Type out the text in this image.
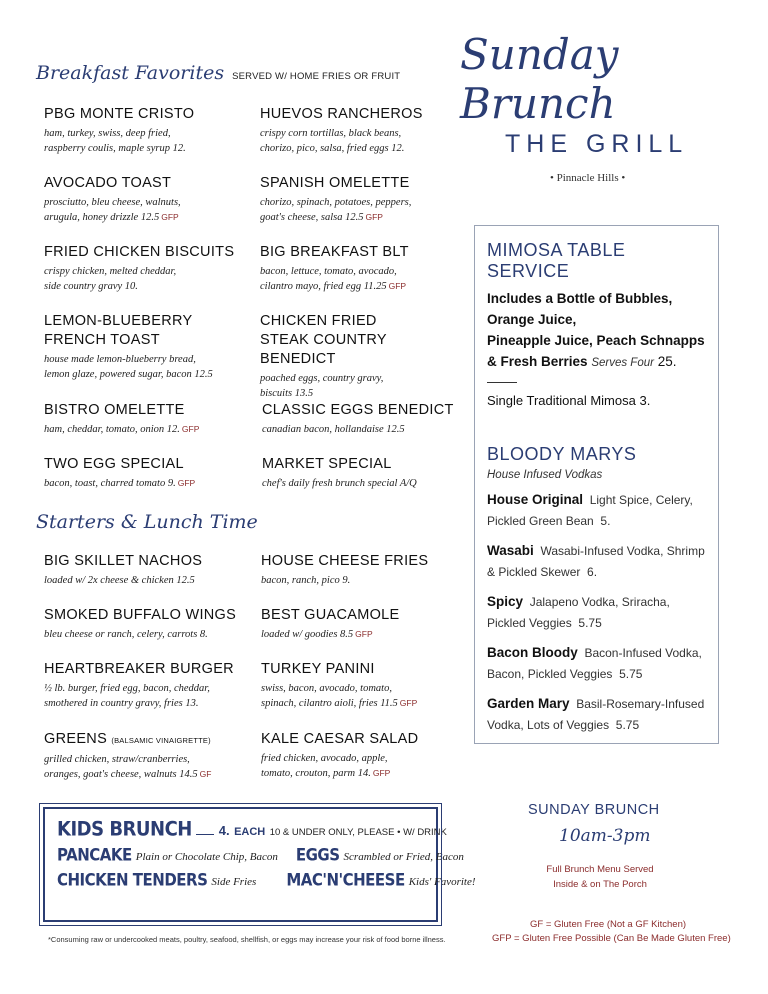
Sunday Brunch
THE GRILL
• Pinnacle Hills •
Breakfast Favorites SERVED W/ HOME FRIES OR FRUIT
PBG MONTE CRISTO
ham, turkey, swiss, deep fried,
raspberry coulis, maple syrup 12.
HUEVOS RANCHEROS
crispy corn tortillas, black beans,
chorizo, pico, salsa, fried eggs 12.
AVOCADO TOAST
prosciutto, bleu cheese, walnuts,
arugula, honey drizzle 12.5 GFP
SPANISH OMELETTE
chorizo, spinach, potatoes, peppers,
goat's cheese, salsa 12.5 GFP
FRIED CHICKEN BISCUITS
crispy chicken, melted cheddar,
side country gravy 10.
BIG BREAKFAST BLT
bacon, lettuce, tomato, avocado,
cilantro mayo, fried egg 11.25 GFP
LEMON-BLUEBERRY FRENCH TOAST
house made lemon-blueberry bread,
lemon glaze, powered sugar, bacon 12.5
CHICKEN FRIED STEAK COUNTRY BENEDICT
poached eggs, country gravy,
biscuits 13.5
BISTRO OMELETTE
ham, cheddar, tomato, onion 12. GFP
CLASSIC EGGS BENEDICT
canadian bacon, hollandaise 12.5
TWO EGG SPECIAL
bacon, toast, charred tomato 9. GFP
MARKET SPECIAL
chef's daily fresh brunch special A/Q
Starters & Lunch Time
BIG SKILLET NACHOS
loaded w/ 2x cheese & chicken 12.5
HOUSE CHEESE FRIES
bacon, ranch, pico 9.
SMOKED BUFFALO WINGS
bleu cheese or ranch, celery, carrots 8.
BEST GUACAMOLE
loaded w/ goodies 8.5 GFP
HEARTBREAKER BURGER
½ lb. burger, fried egg, bacon, cheddar,
smothered in country gravy, fries 13.
TURKEY PANINI
swiss, bacon, avocado, tomato,
spinach, cilantro aioli, fries 11.5 GFP
GREENS (BALSAMIC VINAIGRETTE)
grilled chicken, straw/cranberries,
oranges, goat's cheese, walnuts 14.5 GF
KALE CAESAR SALAD
fried chicken, avocado, apple,
tomato, crouton, parm 14. GFP
MIMOSA TABLE SERVICE
Includes a Bottle of Bubbles,
Orange Juice,
Pineapple Juice, Peach Schnapps
& Fresh Berries Serves Four 25.
Single Traditional Mimosa 3.
BLOODY MARYS
House Infused Vodkas
House Original Light Spice, Celery, Pickled Green Bean 5.
Wasabi Wasabi-Infused Vodka, Shrimp & Pickled Skewer 6.
Spicy Jalapeno Vodka, Sriracha, Pickled Veggies 5.75
Bacon Bloody Bacon-Infused Vodka, Bacon, Pickled Veggies 5.75
Garden Mary Basil-Rosemary-Infused Vodka, Lots of Veggies 5.75
KIDS BRUNCH 4. EACH 10 & UNDER ONLY, PLEASE • W/ DRINK
PANCAKE Plain or Chocolate Chip, Bacon EGGS Scrambled or Fried, Bacon
CHICKEN TENDERS Side Fries MAC'N'CHEESE Kids' Favorite!
SUNDAY BRUNCH
10am-3pm
Full Brunch Menu Served
Inside & on The Porch
GF = Gluten Free (Not a GF Kitchen)
GFP = Gluten Free Possible (Can Be Made Gluten Free)
*Consuming raw or undercooked meats, poultry, seafood, shellfish, or eggs may increase your risk of food borne illness.
